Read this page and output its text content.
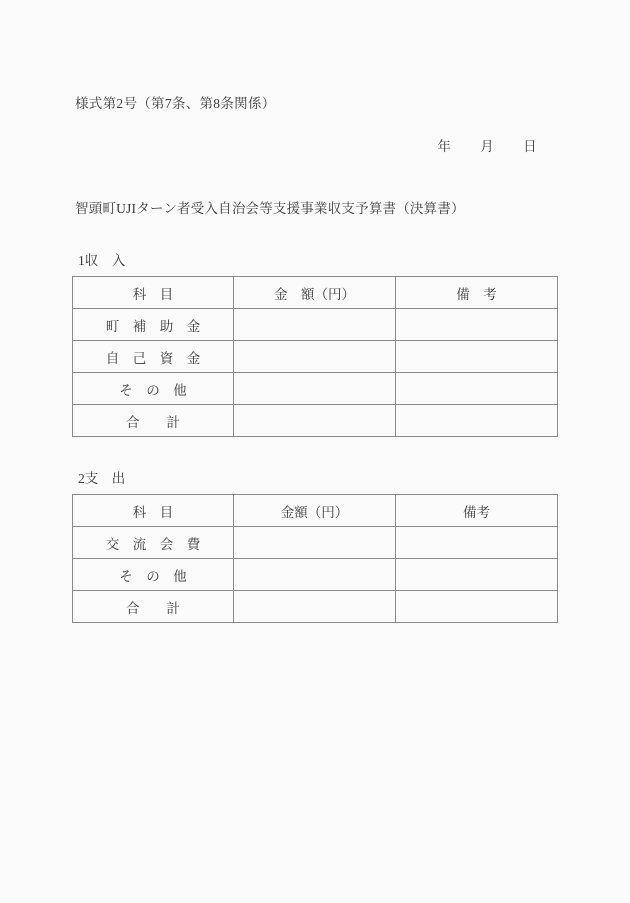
様式第2号（第7条、第8条関係）
年 月 日
智頭町UJIターン者受入自治会等支援事業収支予算書（決算書）
1収　入
科　目	金　額（円）	備　考
町　補　助　金		
自　己　資　金		
そ　の　他		
合　　計		
2支　出
科　目	金額（円）	備考
交　流　会　費		
そ　の　他		
合　　計		
